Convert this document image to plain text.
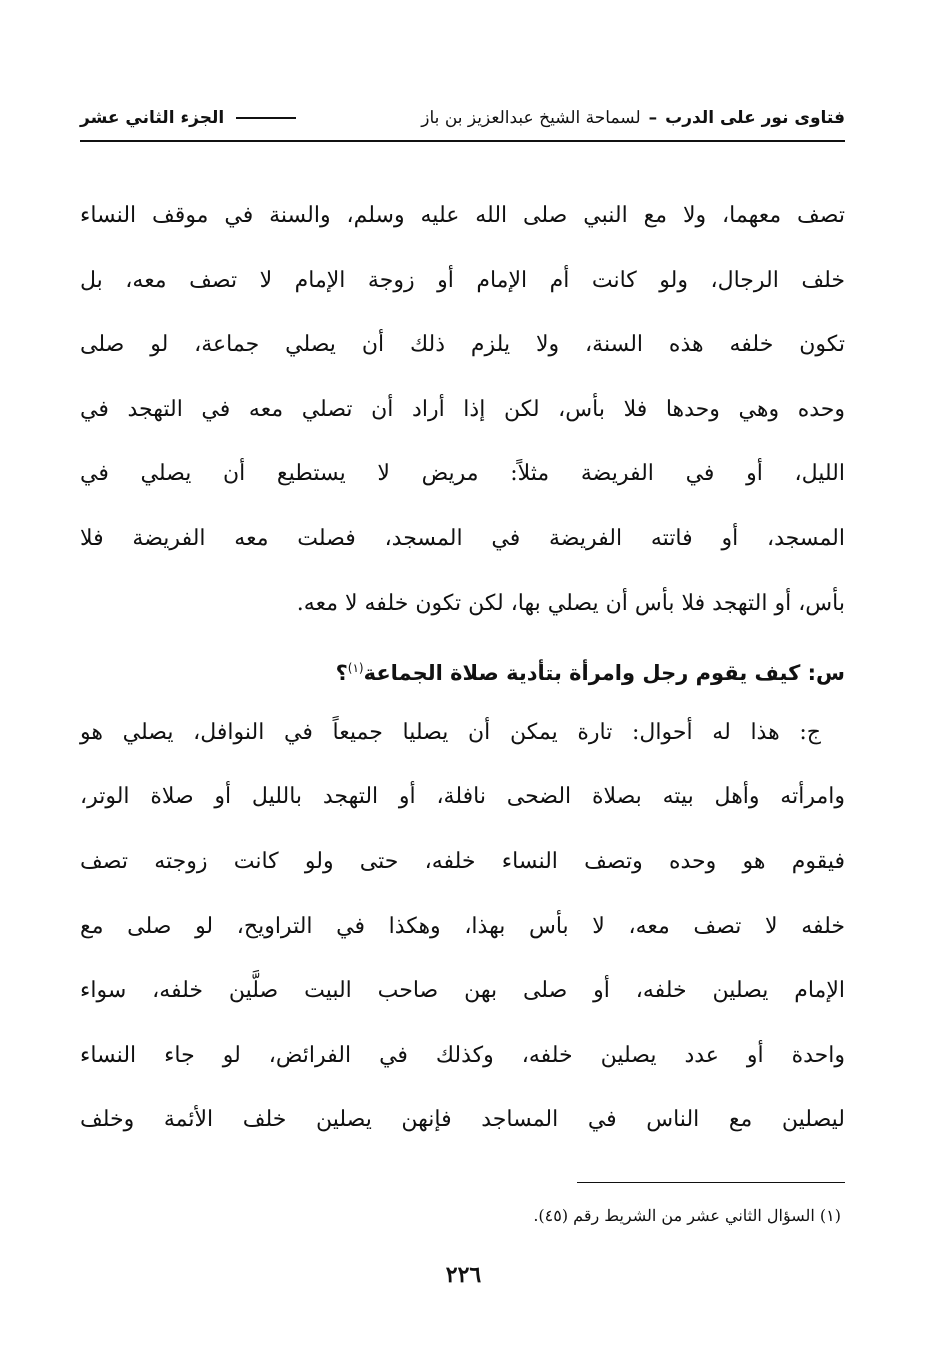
فتاوى نور على الدرب
–
لسماحة الشيخ عبدالعزيز بن باز
الجزء الثاني عشر
تصف معهما، ولا مع النبي صلى الله عليه وسلم، والسنة في موقف النساء
خلف الرجال، ولو كانت أم الإمام أو زوجة الإمام لا تصف معه، بل
تكون خلفه هذه السنة، ولا يلزم ذلك أن يصلي جماعة، لو صلى
وحده وهي وحدها فلا بأس، لكن إذا أراد أن تصلي معه في التهجد في
الليل، أو في الفريضة مثلاً: مريض لا يستطيع أن يصلي في
المسجد، أو فاتته الفريضة في المسجد، فصلت معه الفريضة فلا
بأس، أو التهجد فلا بأس أن يصلي بها، لكن تكون خلفه لا معه.
س: كيف يقوم رجل وامرأة بتأدية صلاة الجماعة$^{(١)}$؟
ج: هذا له أحوال: تارة يمكن أن يصليا جميعاً في النوافل، يصلي هو
وامرأته وأهل بيته بصلاة الضحى نافلة، أو التهجد بالليل أو صلاة الوتر،
فيقوم هو وحده وتصف النساء خلفه، حتى ولو كانت زوجته تصف
خلفه لا تصف معه، لا بأس بهذا، وهكذا في التراويح، لو صلى مع
الإمام يصلين خلفه، أو صلى بهن صاحب البيت صلَّين خلفه، سواء
واحدة أو عدد يصلين خلفه، وكذلك في الفرائض، لو جاء النساء
ليصلين مع الناس في المساجد فإنهن يصلين خلف الأئمة وخلف
(١) السؤال الثاني عشر من الشريط رقم (٤٥).
٢٢٦
